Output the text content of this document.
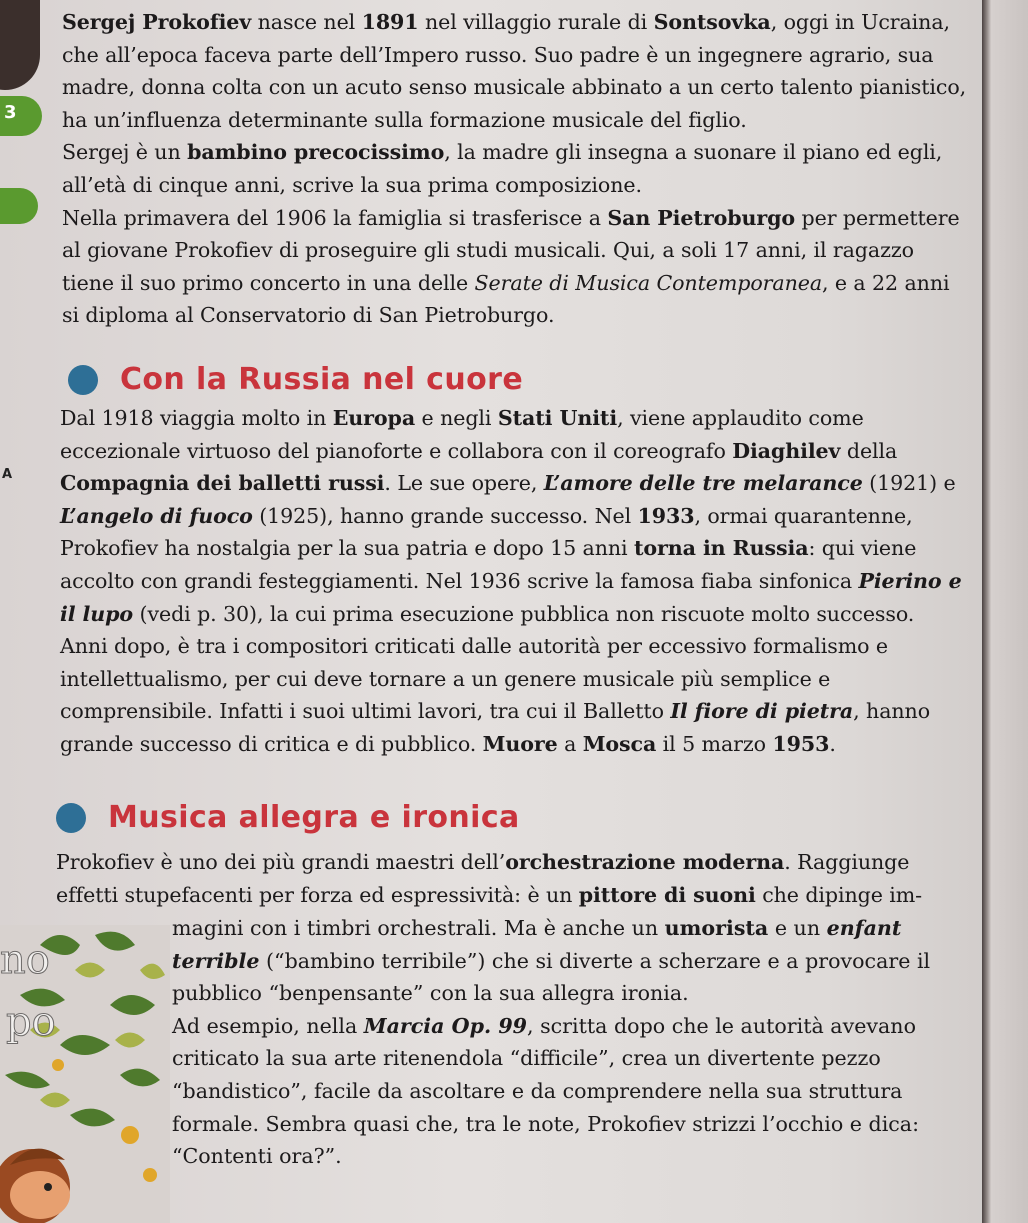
3
A

Sergej Prokofiev nasce nel 1891 nel villaggio rurale di Sontsovka, oggi in Ucraina, che all’epoca faceva parte dell’Impero russo. Suo padre è un ingegnere agrario, sua madre, donna colta con un acuto senso musicale abbinato a un certo talento pianistico, ha un’influenza determinante sulla formazione musicale del figlio.

Sergej è un bambino precocissimo, la madre gli insegna a suonare il piano ed egli, all’età di cinque anni, scrive la sua prima composizione.

Nella primavera del 1906 la famiglia si trasferisce a San Pietroburgo per permettere al giovane Prokofiev di proseguire gli studi musicali. Qui, a soli 17 anni, il ragazzo tiene il suo primo concerto in una delle Serate di Musica Contemporanea, e a 22 anni si diploma al Conservatorio di San Pietroburgo.

Con la Russia nel cuore

Dal 1918 viaggia molto in Europa e negli Stati Uniti, viene applaudito come eccezionale virtuoso del pianoforte e collabora con il coreografo Diaghilev della Compagnia dei balletti russi. Le sue opere, L’amore delle tre melarance (1921) e L’angelo di fuoco (1925), hanno grande successo. Nel 1933, ormai quarantenne, Prokofiev ha nostalgia per la sua patria e dopo 15 anni torna in Russia: qui viene accolto con grandi festeggiamenti. Nel 1936 scrive la famosa fiaba sinfonica Pierino e il lupo (vedi p. 30), la cui prima esecuzione pubblica non riscuote molto successo.

Anni dopo, è tra i compositori criticati dalle autorità per eccessivo formalismo e intellettualismo, per cui deve tornare a un genere musicale più semplice e comprensibile. Infatti i suoi ultimi lavori, tra cui il Balletto Il fiore di pietra, hanno grande successo di critica e di pubblico. Muore a Mosca il 5 marzo 1953.

Musica allegra e ironica

Prokofiev è uno dei più grandi maestri dell’orchestrazione moderna. Raggiunge effetti stupefacenti per forza ed espressività: è un pittore di suoni che dipinge im-

no
po

magini con i timbri orchestrali. Ma è anche un umorista e un enfant terrible (“bambino terribile”) che si diverte a scherzare e a provocare il pubblico “benpensante” con la sua allegra ironia.

Ad esempio, nella Marcia Op. 99, scritta dopo che le autorità avevano criticato la sua arte ritenendola “difficile”, crea un divertente pezzo “bandistico”, facile da ascoltare e da comprendere nella sua struttura formale. Sembra quasi che, tra le note, Prokofiev strizzi l’occhio e dica: “Contenti ora?”.
